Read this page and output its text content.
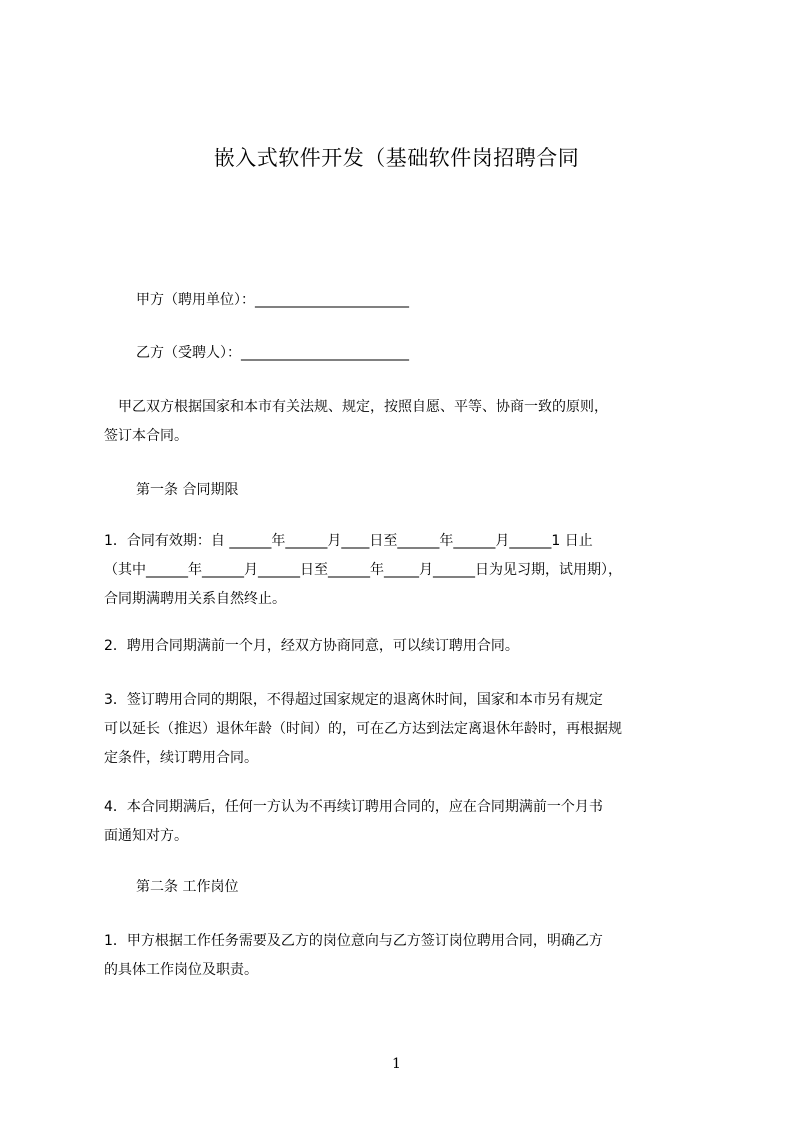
嵌入式软件开发（基础软件岗招聘合同
甲方（聘用单位）：______________________
乙方（受聘人）：________________________
　甲乙双方根据国家和本市有关法规、规定，按照自愿、平等、协商一致的原则，
签订本合同。
第一条 合同期限
1．合同有效期：自 ______年______月____日至______年______月______1 日止
（其中______年______月______日至______年_____月______日为见习期，试用期），
合同期满聘用关系自然终止。
2．聘用合同期满前一个月，经双方协商同意，可以续订聘用合同。
3．签订聘用合同的期限，不得超过国家规定的退离休时间，国家和本市另有规定
可以延长（推迟）退休年龄（时间）的，可在乙方达到法定离退休年龄时，再根据规
定条件，续订聘用合同。
4．本合同期满后，任何一方认为不再续订聘用合同的，应在合同期满前一个月书
面通知对方。
第二条 工作岗位
1．甲方根据工作任务需要及乙方的岗位意向与乙方签订岗位聘用合同，明确乙方
的具体工作岗位及职责。
1
